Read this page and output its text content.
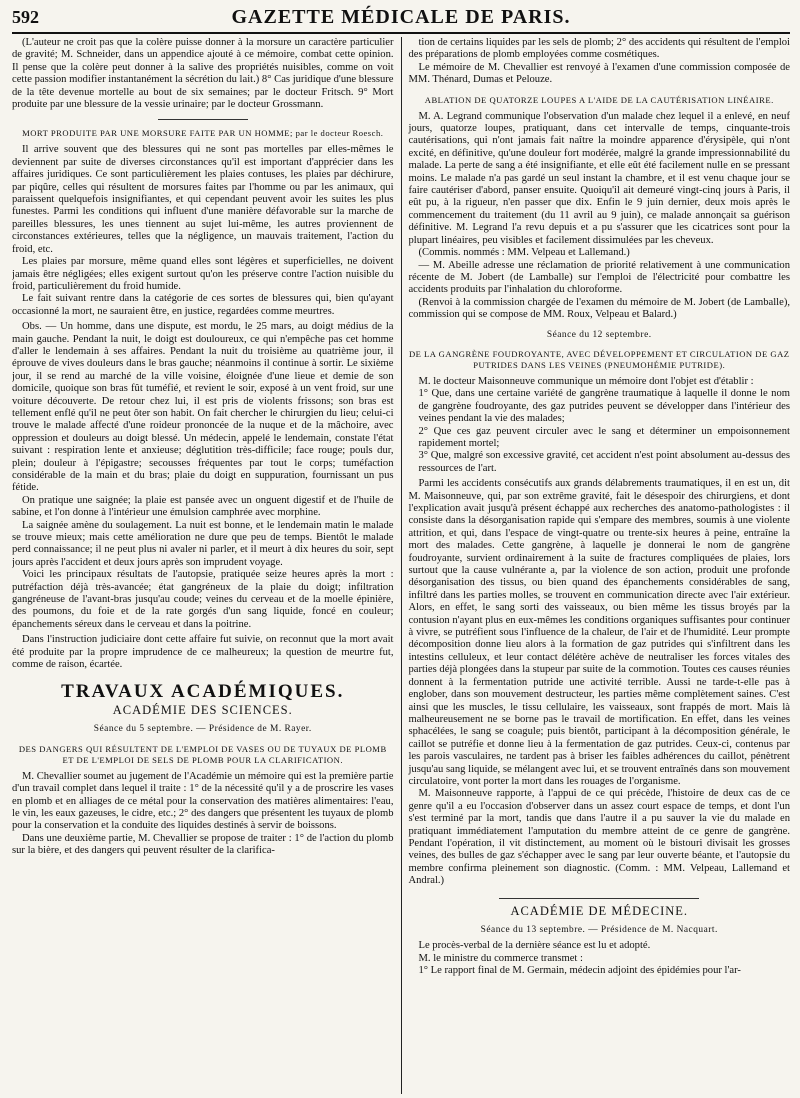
592	GAZETTE MÉDICALE DE PARIS.

(L'auteur ne croit pas que la colère puisse donner à la morsure un caractère particulier de gravité; M. Schneider, dans un appendice ajouté à ce mémoire, combat cette opinion. Il pense que la colère peut donner à la salive des propriétés nuisibles, comme on voit cette passion modifier instantanément la sécrétion du lait.) 8° Cas juridique d'une blessure de la tête devenue mortelle au bout de six semaines; par le docteur Fritsch. 9° Mort produite par une blessure de la vessie urinaire; par le docteur Grossmann.

MORT PRODUITE PAR UNE MORSURE FAITE PAR UN HOMME; par le docteur Roesch.

Il arrive souvent que des blessures qui ne sont pas mortelles par elles-mêmes le deviennent par suite de diverses circonstances qu'il est important d'apprécier dans les affaires juridiques. Ce sont particulièrement les plaies contuses, les plaies par déchirure, par piqûre, celles qui résultent de morsures faites par l'homme ou par les animaux, qui paraissent quelquefois insignifiantes, et qui cependant peuvent avoir les suites les plus funestes. Parmi les conditions qui influent d'une manière défavorable sur la marche de pareilles blessures, les unes tiennent au sujet lui-même, les autres proviennent de circonstances extérieures, telles que la négligence, un mauvais traitement, l'action du froid, etc.

Les plaies par morsure, même quand elles sont légères et superficielles, ne doivent jamais être négligées; elles exigent surtout qu'on les préserve contre l'action nuisible du froid, particulièrement du froid humide.

Le fait suivant rentre dans la catégorie de ces sortes de blessures qui, bien qu'ayant occasionné la mort, ne sauraient être, en justice, regardées comme meurtres.

Obs. — Un homme, dans une dispute, est mordu, le 25 mars, au doigt médius de la main gauche. Pendant la nuit, le doigt est douloureux, ce qui n'empêche pas cet homme d'aller le lendemain à ses affaires. Pendant la nuit du troisième au quatrième jour, il éprouve de vives douleurs dans le bras gauche; néanmoins il continue à sortir. Le sixième jour, il se rend au marché de la ville voisine, éloignée d'une lieue et demie de son domicile, quoique son bras fût tuméfié, et revient le soir, exposé à un vent froid, sur une voiture découverte. De retour chez lui, il est pris de violents frissons; son bras est tellement enflé qu'il ne peut ôter son habit. On fait chercher le chirurgien du lieu; celui-ci trouve le malade affecté d'une roideur prononcée de la nuque et de la mâchoire, avec oppression et douleurs au doigt blessé. Un médecin, appelé le lendemain, constate l'état suivant : respiration lente et anxieuse; déglutition très-difficile; face rouge; pouls dur, plein; douleur à l'épigastre; secousses fréquentes par tout le corps; tuméfaction considérable de la main et du bras; plaie du doigt en suppuration, fournissant un pus fétide.

On pratique une saignée; la plaie est pansée avec un onguent digestif et de l'huile de sabine, et l'on donne à l'intérieur une émulsion camphrée avec morphine.

La saignée amène du soulagement. La nuit est bonne, et le lendemain matin le malade se trouve mieux; mais cette amélioration ne dure que peu de temps. Bientôt le malade perd connaissance; il ne peut plus ni avaler ni parler, et il meurt à dix heures du soir, sept jours après l'accident et deux jours après son imprudent voyage.

Voici les principaux résultats de l'autopsie, pratiquée seize heures après la mort : putréfaction déjà très-avancée; état gangréneux de la plaie du doigt; infiltration gangréneuse de l'avant-bras jusqu'au coude; veines du cerveau et de la moelle épinière, des poumons, du foie et de la rate gorgés d'un sang liquide, foncé en couleur; épanchements séreux dans le cerveau et dans la poitrine.

Dans l'instruction judiciaire dont cette affaire fut suivie, on reconnut que la mort avait été produite par la propre imprudence de ce malheureux; la question de meurtre fut, comme de raison, écartée.

TRAVAUX ACADÉMIQUES.
ACADÉMIE DES SCIENCES.
Séance du 5 septembre. — Présidence de M. Rayer.
DES DANGERS QUI RÉSULTENT DE L'EMPLOI DE VASES OU DE TUYAUX DE PLOMB ET DE L'EMPLOI DE SELS DE PLOMB POUR LA CLARIFICATION.

M. Chevallier soumet au jugement de l'Académie un mémoire qui est la première partie d'un travail complet dans lequel il traite : 1° de la nécessité qu'il y a de proscrire les vases en plomb et en alliages de ce métal pour la conservation des matières alimentaires: l'eau, le vin, les eaux gazeuses, le cidre, etc.; 2° des dangers que présentent les tuyaux de plomb pour la conservation et la conduite des liquides destinés à servir de boissons.

Dans une deuxième partie, M. Chevallier se propose de traiter : 1° de l'action du plomb sur la bière, et des dangers qui peuvent résulter de la clarifica-

tion de certains liquides par les sels de plomb; 2° des accidents qui résultent de l'emploi des préparations de plomb employées comme cosmétiques.

Le mémoire de M. Chevallier est renvoyé à l'examen d'une commission composée de MM. Thénard, Dumas et Pelouze.

ABLATION DE QUATORZE LOUPES A L'AIDE DE LA CAUTÉRISATION LINÉAIRE.

M. A. Legrand communique l'observation d'un malade chez lequel il a enlevé, en neuf jours, quatorze loupes, pratiquant, dans cet intervalle de temps, cinquante-trois cautérisations, qui n'ont jamais fait naître la moindre apparence d'érysipèle, qui n'ont excité, en définitive, qu'une douleur fort modérée, malgré la grande impressionnabilité du malade. La perte de sang a été insignifiante, et elle eût été facilement nulle en se pressant moins. Le malade n'a pas gardé un seul instant la chambre, et il est venu chaque jour se faire cautériser d'abord, panser ensuite. Quoiqu'il ait demeuré vingt-cinq jours à Paris, il eût pu, à la rigueur, n'en passer que dix. Enfin le 9 juin dernier, deux mois après le commencement du traitement (du 11 avril au 9 juin), ce malade annonçait sa guérison définitive. M. Legrand l'a revu depuis et a pu s'assurer que les cicatrices sont pour la plupart linéaires, peu visibles et facilement dissimulées par les cheveux.

(Commis. nommés : MM. Velpeau et Lallemand.)

— M. Abeille adresse une réclamation de priorité relativement à une communication récente de M. Jobert (de Lamballe) sur l'emploi de l'électricité pour combattre les accidents produits par l'inhalation du chloroforme.

(Renvoi à la commission chargée de l'examen du mémoire de M. Jobert (de Lamballe), commission qui se compose de MM. Roux, Velpeau et Balard.)

Séance du 12 septembre.
DE LA GANGRÈNE FOUDROYANTE, AVEC DÉVELOPPEMENT ET CIRCULATION DE GAZ PUTRIDES DANS LES VEINES (PNEUMOHÉMIE PUTRIDE).

M. le docteur Maisonneuve communique un mémoire dont l'objet est d'établir :

1° Que, dans une certaine variété de gangrène traumatique à laquelle il donne le nom de gangrène foudroyante, des gaz putrides peuvent se développer dans l'intérieur des veines pendant la vie des malades;

2° Que ces gaz peuvent circuler avec le sang et déterminer un empoisonnement rapidement mortel;

3° Que, malgré son excessive gravité, cet accident n'est point absolument au-dessus des ressources de l'art.

Parmi les accidents consécutifs aux grands délabrements traumatiques, il en est un, dit M. Maisonneuve, qui, par son extrême gravité, fait le désespoir des chirurgiens, et dont l'explication avait jusqu'à présent échappé aux recherches des anatomo-pathologistes : il consiste dans la désorganisation rapide qui s'empare des membres, soumis à une violente attrition, et qui, dans l'espace de vingt-quatre ou trente-six heures à peine, entraîne la mort des malades. Cette gangrène, à laquelle je donnerai le nom de gangrène foudroyante, survient ordinairement à la suite de fractures compliquées de plaies, lors surtout que la cause vulnérante a, par la violence de son action, produit une profonde désorganisation des tissus, ou bien quand des épanchements considérables de sang, infiltré dans les parties molles, se trouvent en communication directe avec l'air extérieur. Alors, en effet, le sang sorti des vaisseaux, ou bien même les tissus broyés par la contusion n'ayant plus en eux-mêmes les conditions organiques suffisantes pour continuer à vivre, se putréfient sous l'influence de la chaleur, de l'air et de l'humidité. Leur prompte décomposition donne lieu alors à la formation de gaz putrides qui s'infiltrent dans les intestins celluleux, et leur contact délétère achève de neutraliser les forces vitales des parties déjà plongées dans la stupeur par suite de la commotion. Toutes ces causes réunies donnent à la fermentation putride une activité terrible. Aussi ne tarde-t-elle pas à englober, dans son mouvement destructeur, les parties même complètement saines. C'est ainsi que les muscles, le tissu cellulaire, les vaisseaux, sont frappés de mort. Mais là malheureusement ne se borne pas le travail de mortification. En effet, dans les veines sphacélées, le sang se coagule; puis bientôt, participant à la décomposition générale, le caillot se putréfie et donne lieu à la fermentation de gaz putrides. Ceux-ci, contenus par les parois vasculaires, ne tardent pas à briser les faibles adhérences du caillot, pénètrent jusqu'au sang liquide, se mélangent avec lui, et se trouvent entraînés dans son mouvement circulatoire, vont porter la mort dans les rouages de l'organisme.

M. Maisonneuve rapporte, à l'appui de ce qui précède, l'histoire de deux cas de ce genre qu'il a eu l'occasion d'observer dans un assez court espace de temps, et dont l'un s'est terminé par la mort, tandis que dans l'autre il a pu sauver la vie du malade en pratiquant immédiatement l'amputation du membre atteint de ce genre de gangrène. Pendant l'opération, il vit distinctement, au moment où le bistouri divisait les grosses veines, des bulles de gaz s'échapper avec le sang par leur ouverte béante, et l'autopsie du membre confirma pleinement son diagnostic. (Comm. : MM. Velpeau, Lallemand et Andral.)

ACADÉMIE DE MÉDECINE.
Séance du 13 septembre. — Présidence de M. Nacquart.

Le procès-verbal de la dernière séance est lu et adopté.

M. le ministre du commerce transmet :

1° Le rapport final de M. Germain, médecin adjoint des épidémies pour l'ar-
